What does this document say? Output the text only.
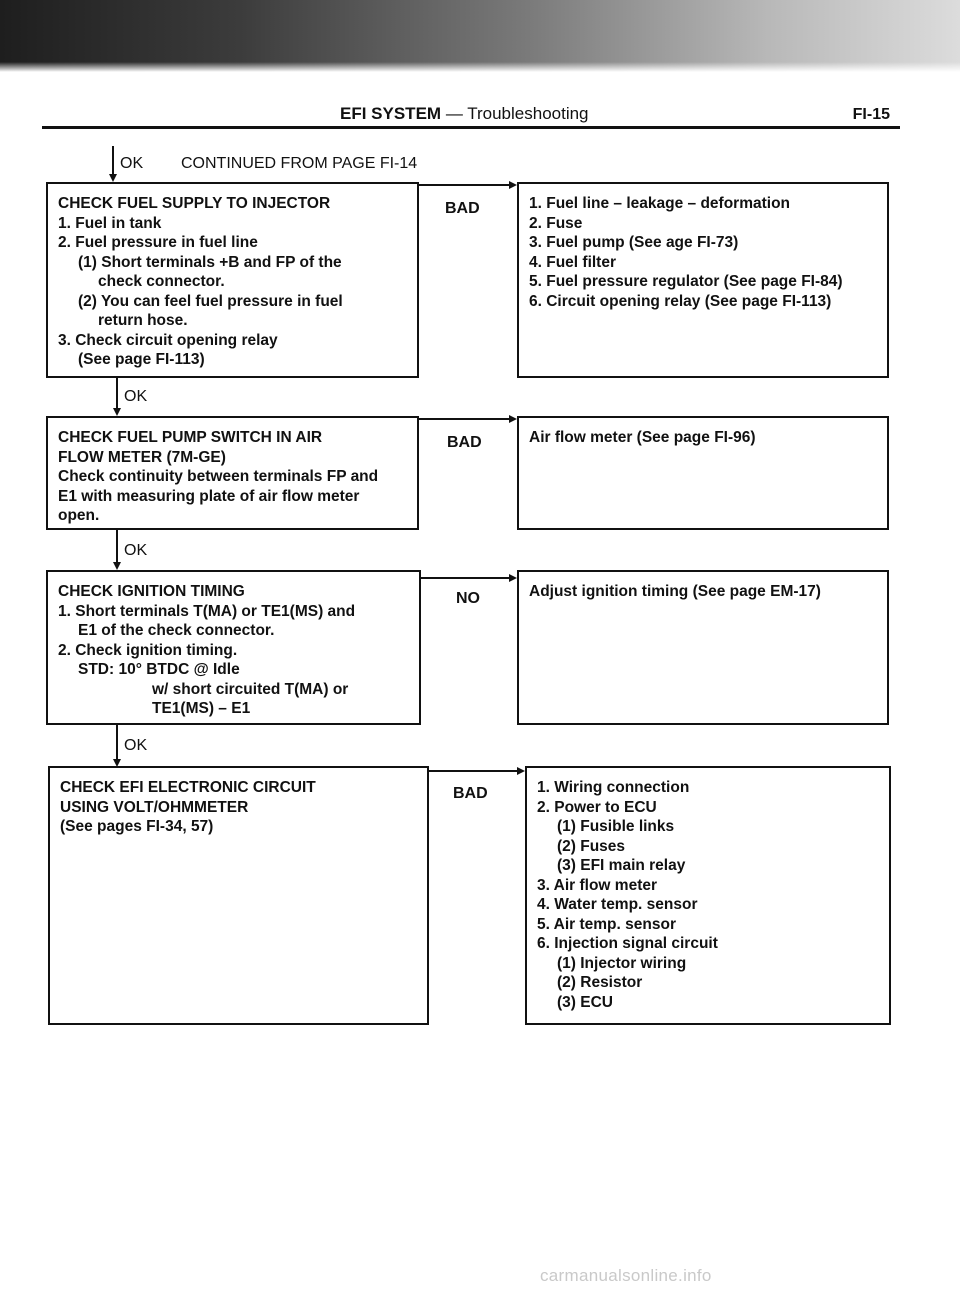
EFI SYSTEM — Troubleshooting	FI-15
OK CONTINUED FROM PAGE FI-14
CHECK FUEL SUPPLY TO INJECTOR
1. Fuel in tank
2. Fuel pressure in fuel line
(1) Short terminals +B and FP of the
check connector.
(2) You can feel fuel pressure in fuel
return hose.
3. Check circuit opening relay
(See page FI-113)
BAD	1. Fuel line – leakage – deformation
2. Fuse
3. Fuel pump (See age FI-73)
4. Fuel filter
5. Fuel pressure regulator (See page FI-84)
6. Circuit opening relay (See page FI-113)
OK
CHECK FUEL PUMP SWITCH IN AIR
FLOW METER (7M-GE)
Check continuity between terminals FP and
E1 with measuring plate of air flow meter
open.
BAD	Air flow meter (See page FI-96)
OK
CHECK IGNITION TIMING
1. Short terminals T(MA) or TE1(MS) and
E1 of the check connector.
2. Check ignition timing.
STD: 10° BTDC @ Idle
w/ short circuited T(MA) or
TE1(MS) – E1
NO	Adjust ignition timing (See page EM-17)
OK
CHECK EFI ELECTRONIC CIRCUIT
USING VOLT/OHMMETER
(See pages FI-34, 57)
BAD	1. Wiring connection
2. Power to ECU
(1) Fusible links
(2) Fuses
(3) EFI main relay
3. Air flow meter
4. Water temp. sensor
5. Air temp. sensor
6. Injection signal circuit
(1) Injector wiring
(2) Resistor
(3) ECU
carmanualsonline.info
